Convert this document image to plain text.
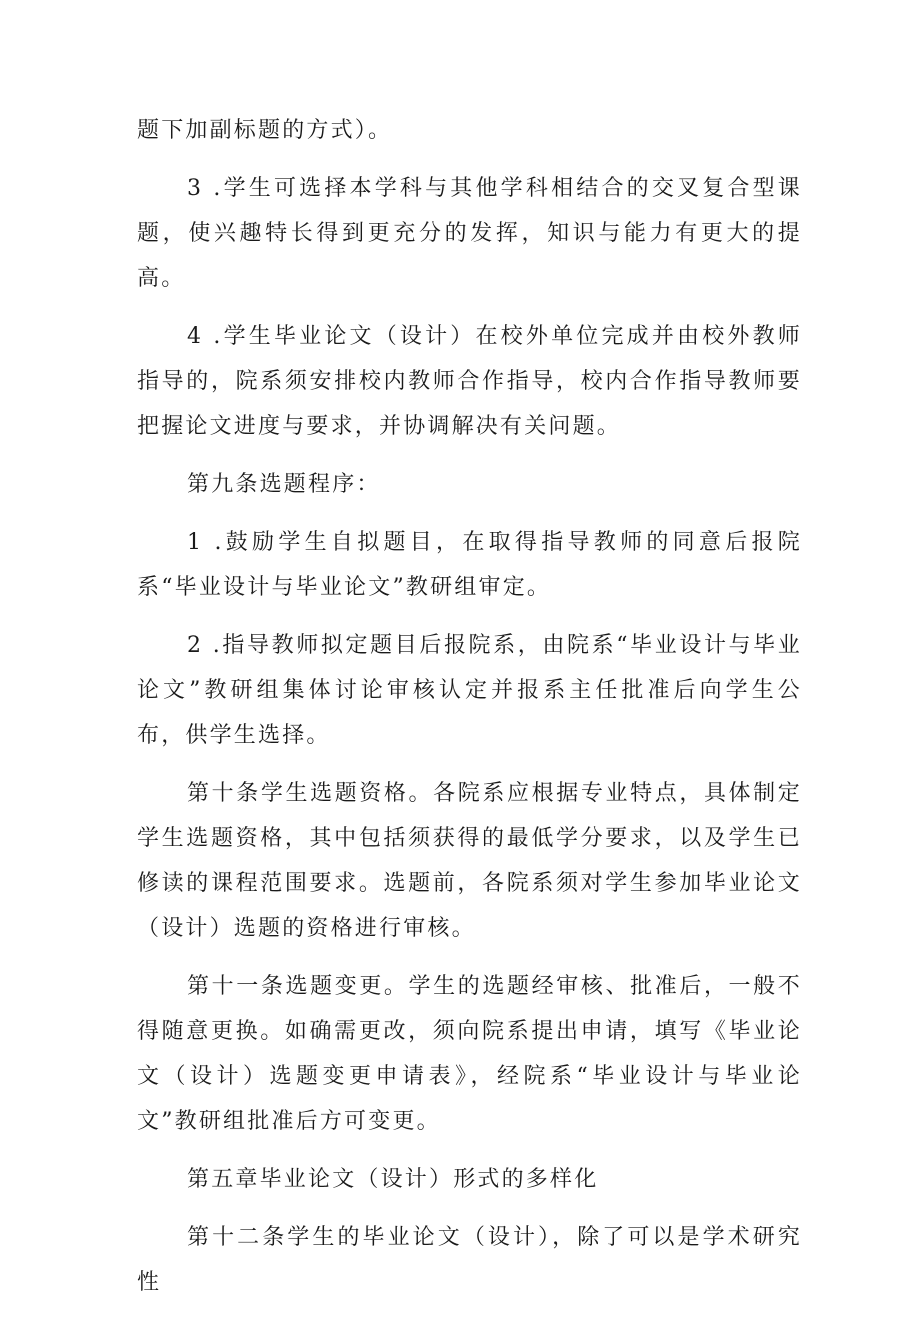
题下加副标题的方式）。

3 .学生可选择本学科与其他学科相结合的交叉复合型课题，使兴趣特长得到更充分的发挥，知识与能力有更大的提高。

4 .学生毕业论文（设计）在校外单位完成并由校外教师指导的，院系须安排校内教师合作指导，校内合作指导教师要把握论文进度与要求，并协调解决有关问题。

第九条选题程序：

1 .鼓励学生自拟题目，在取得指导教师的同意后报院系“毕业设计与毕业论文”教研组审定。

2 .指导教师拟定题目后报院系，由院系“毕业设计与毕业论文”教研组集体讨论审核认定并报系主任批准后向学生公布，供学生选择。

第十条学生选题资格。各院系应根据专业特点，具体制定学生选题资格，其中包括须获得的最低学分要求，以及学生已修读的课程范围要求。选题前，各院系须对学生参加毕业论文（设计）选题的资格进行审核。

第十一条选题变更。学生的选题经审核、批准后，一般不得随意更换。如确需更改，须向院系提出申请，填写《毕业论文（设计）选题变更申请表》，经院系“毕业设计与毕业论文”教研组批准后方可变更。

第五章毕业论文（设计）形式的多样化

第十二条学生的毕业论文（设计），除了可以是学术研究性
